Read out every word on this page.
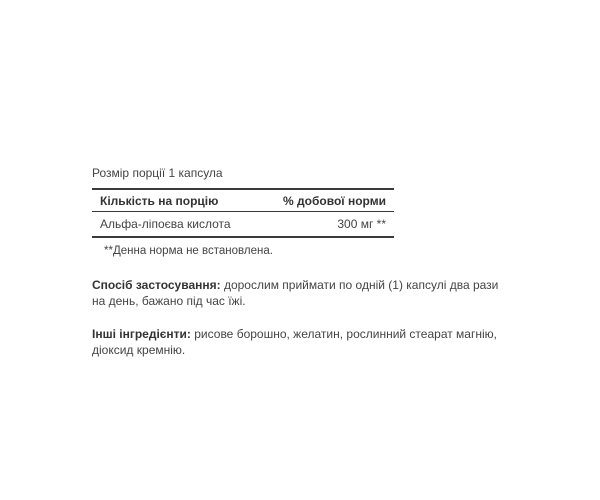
Розмір порції 1 капсула
Кількість на порцію	% добової норми
Альфа-ліпоєва кислота	300 мг **
**Денна норма не встановлена.
Спосіб застосування: дорослим приймати по одній (1) капсулі два рази на день, бажано під час їжі.
Інші інгредієнти: рисове борошно, желатин, рослинний стеарат магнію, діоксид кремнію.
